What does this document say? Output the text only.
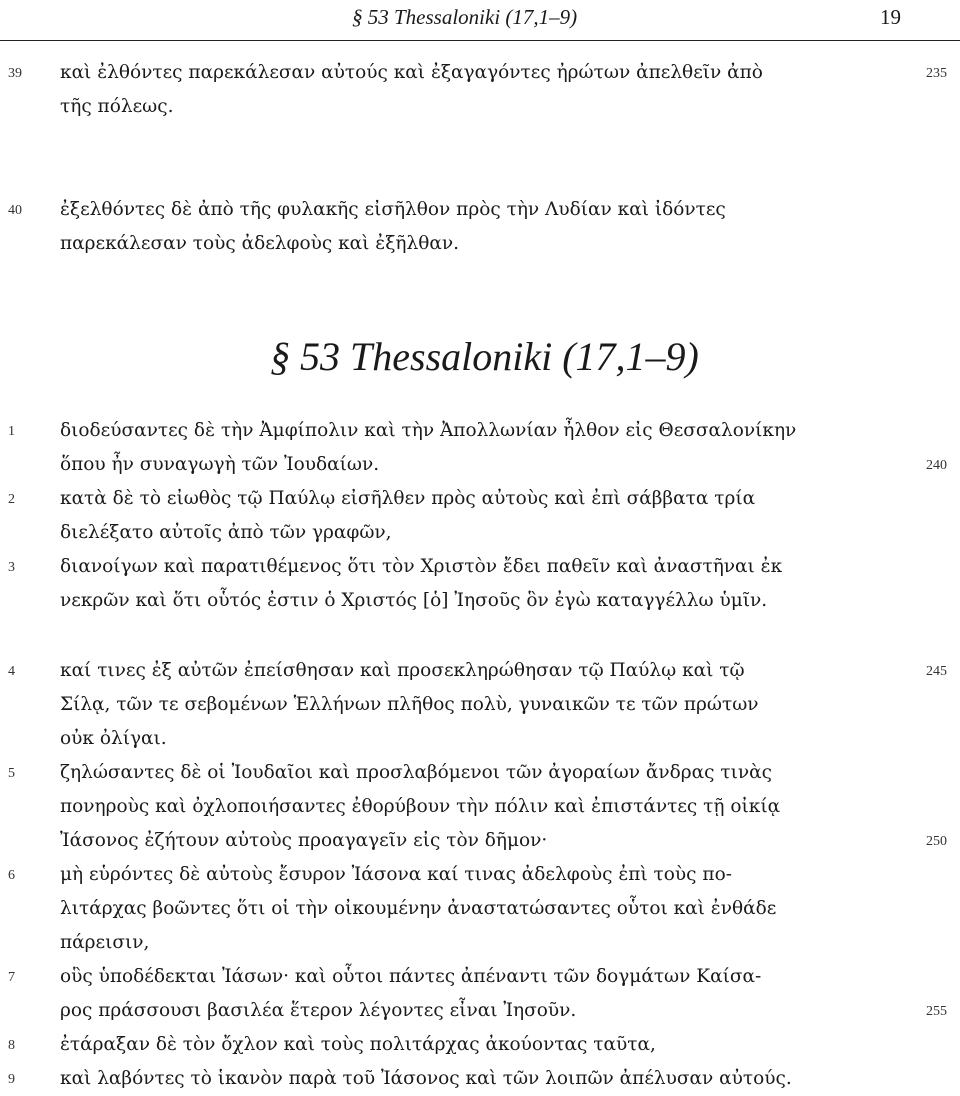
§ 53 Thessaloniki (17,1–9)	19
§ 53 Thessaloniki (17,1–9)
39	καὶ ἐλθόντες παρεκάλεσαν αὐτούς καὶ ἐξαγαγόντες ἠρώτων ἀπελθεῖν ἀπὸ	235
τῆς πόλεως.
40	ἐξελθόντες δὲ ἀπὸ τῆς φυλακῆς εἰσῆλθον πρὸς τὴν Λυδίαν καὶ ἰδόντες
παρεκάλεσαν τοὺς ἀδελφοὺς καὶ ἐξῆλθαν.
1	διοδεύσαντες δὲ τὴν Ἀμφίπολιν καὶ τὴν Ἀπολλωνίαν ἦλθον εἰς Θεσσαλονίκην
ὅπου ἦν συναγωγὴ τῶν Ἰουδαίων.	240
2	κατὰ δὲ τὸ εἰωθὸς τῷ Παύλῳ εἰσῆλθεν πρὸς αὐτοὺς καὶ ἐπὶ σάββατα τρία
διελέξατο αὐτοῖς ἀπὸ τῶν γραφῶν,
3	διανοίγων καὶ παρατιθέμενος ὅτι τὸν Χριστὸν ἔδει παθεῖν καὶ ἀναστῆναι ἐκ
νεκρῶν καὶ ὅτι οὗτός ἐστιν ὁ Χριστός [ὁ] Ἰησοῦς ὃν ἐγὼ καταγγέλλω ὑμῖν.
4	καί τινες ἐξ αὐτῶν ἐπείσθησαν καὶ προσεκληρώθησαν τῷ Παύλῳ καὶ τῷ	245
Σίλᾳ, τῶν τε σεβομένων Ἑλλήνων πλῆθος πολὺ, γυναικῶν τε τῶν πρώτων
οὐκ ὀλίγαι.
5	ζηλώσαντες δὲ οἱ Ἰουδαῖοι καὶ προσλαβόμενοι τῶν ἀγοραίων ἄνδρας τινὰς
πονηροὺς καὶ ὀχλοποιήσαντες ἐθορύβουν τὴν πόλιν καὶ ἐπιστάντες τῇ οἰκίᾳ
Ἰάσονος ἐζήτουν αὐτοὺς προαγαγεῖν εἰς τὸν δῆμον·	250
6	μὴ εὑρόντες δὲ αὐτοὺς ἔσυρον Ἰάσονα καί τινας ἀδελφοὺς ἐπὶ τοὺς πο-
λιτάρχας βοῶντες ὅτι οἱ τὴν οἰκουμένην ἀναστατώσαντες οὗτοι καὶ ἐνθάδε
πάρεισιν,
7	οὓς ὑποδέδεκται Ἰάσων· καὶ οὗτοι πάντες ἀπέναντι τῶν δογμάτων Καίσα-
ρος πράσσουσι βασιλέα ἕτερον λέγοντες εἶναι Ἰησοῦν.	255
8	ἐτάραξαν δὲ τὸν ὄχλον καὶ τοὺς πολιτάρχας ἀκούοντας ταῦτα,
9	καὶ λαβόντες τὸ ἱκανὸν παρὰ τοῦ Ἰάσονος καὶ τῶν λοιπῶν ἀπέλυσαν αὐτούς.
